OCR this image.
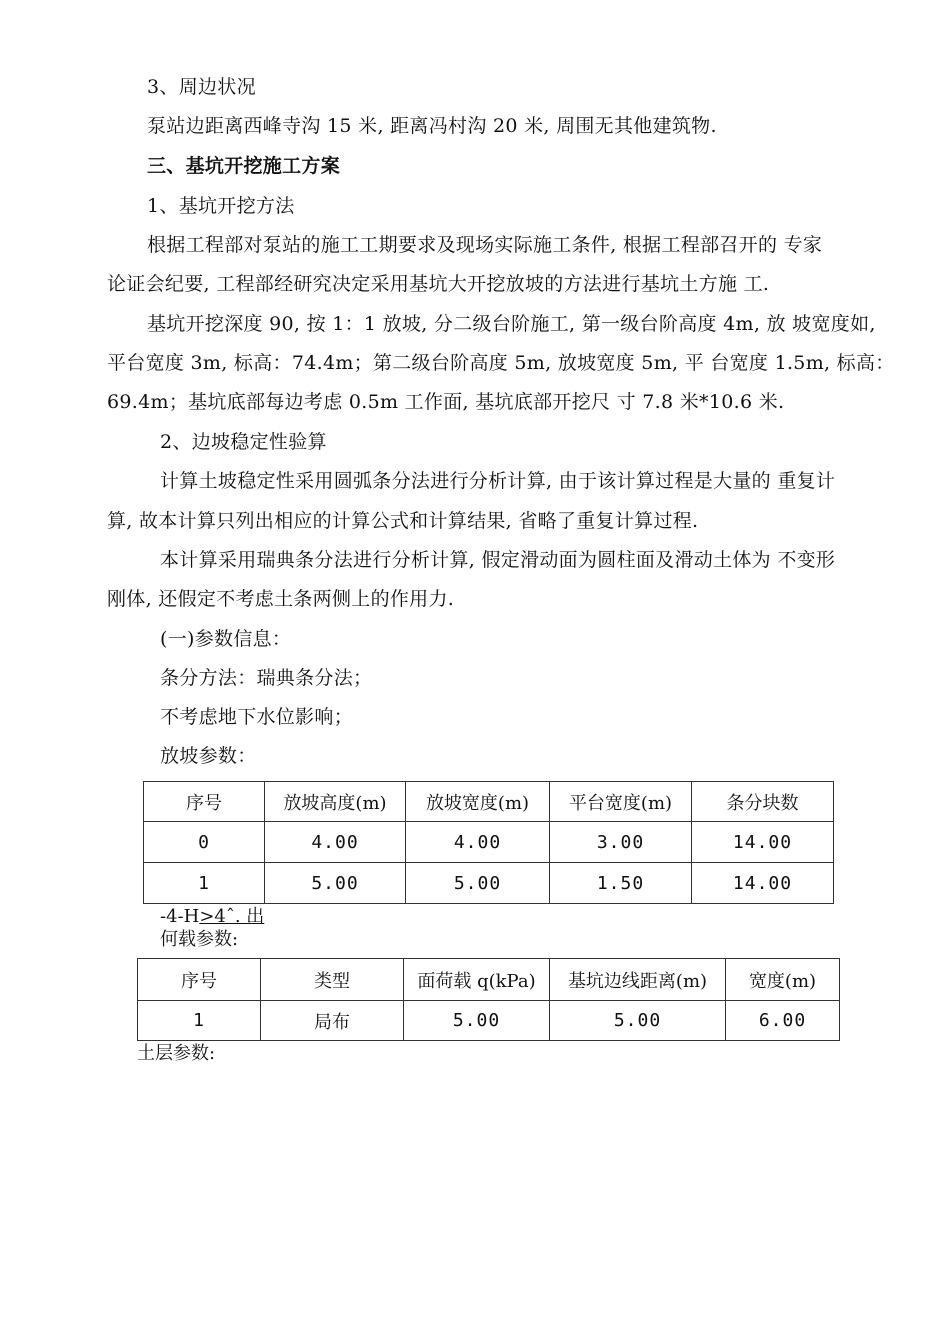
3、周边状况
泵站边距离西峰寺沟 15 米, 距离冯村沟 20 米, 周围无其他建筑物.
三、基坑开挖施工方案
1、基坑开挖方法
根据工程部对泵站的施工工期要求及现场实际施工条件, 根据工程部召开的 专家
论证会纪要, 工程部经研究决定采用基坑大开挖放坡的方法进行基坑土方施 工.
基坑开挖深度 90, 按 1：1 放坡, 分二级台阶施工, 第一级台阶高度 4m, 放 坡宽度如,
平台宽度 3m, 标高：74.4m；第二级台阶高度 5m, 放坡宽度 5m, 平 台宽度 1.5m, 标高：
69.4m；基坑底部每边考虑 0.5m 工作面, 基坑底部开挖尺 寸 7.8 米*10.6 米.
2、边坡稳定性验算
计算土坡稳定性采用圆弧条分法进行分析计算, 由于该计算过程是大量的 重复计
算, 故本计算只列出相应的计算公式和计算结果, 省略了重复计算过程.
本计算采用瑞典条分法进行分析计算, 假定滑动面为圆柱面及滑动土体为 不变形
刚体, 还假定不考虑土条两侧上的作用力.
(一)参数信息：
条分方法：瑞典条分法；
不考虑地下水位影响；
放坡参数：
序号	放坡高度(m)	放坡宽度(m)	平台宽度(m)	条分块数
0	4.00	4.00	3.00	14.00
1	5.00	5.00	1.50	14.00
-4-H>4ˆ. 出
何载参数:
序号	类型	面荷载 q(kPa)	基坑边线距离(m)	宽度(m)
1	局布	5.00	5.00	6.00
土层参数:
